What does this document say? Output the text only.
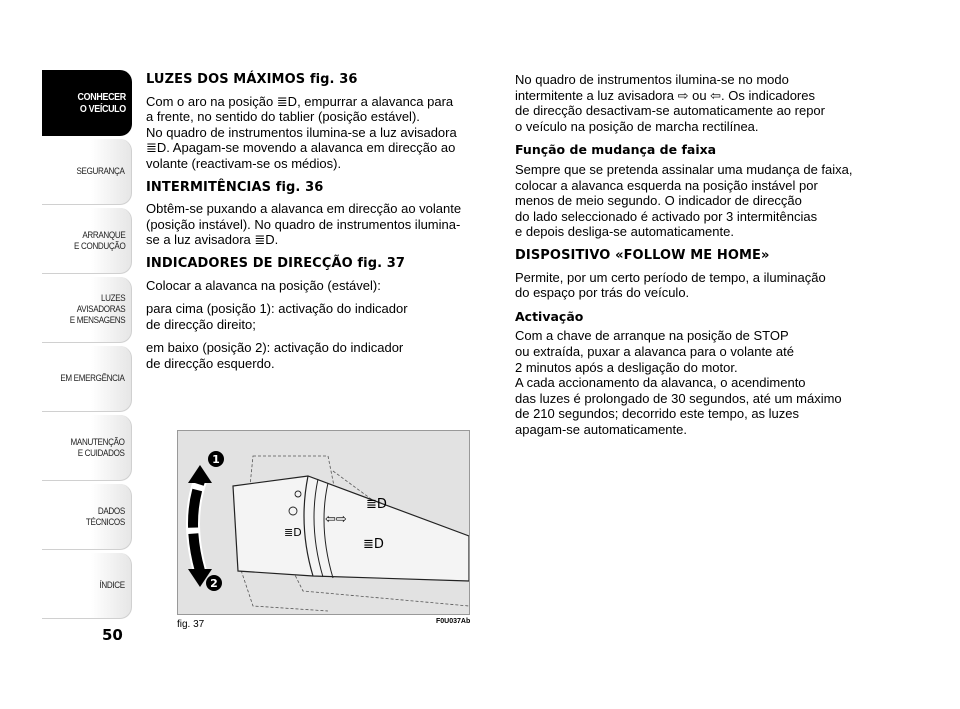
CONHECER
O VEÍCULO
SEGURANÇA
ARRANQUE
E CONDUÇÃO
LUZES
AVISADORAS
E MENSAGENS
EM EMERGÊNCIA
MANUTENÇÃO
E CUIDADOS
DADOS
TÉCNICOS
ÍNDICE
50
LUZES DOS MÁXIMOS fig. 36

Com o aro na posição ≣D, empurrar a alavanca para
a frente, no sentido do tablier (posição estável).
No quadro de instrumentos ilumina-se a luz avisadora
≣D. Apagam-se movendo a alavanca em direcção ao
volante (reactivam-se os médios).

INTERMITÊNCIAS fig. 36

Obtêm-se puxando a alavanca em direcção ao volante
(posição instável). No quadro de instrumentos ilumina-
se a luz avisadora ≣D.

INDICADORES DE DIRECÇÃO fig. 37

Colocar a alavanca na posição (estável):

para cima (posição 1): activação do indicador
de direcção direito;

em baixo (posição 2): activação do indicador
de direcção esquerdo.

No quadro de instrumentos ilumina-se no modo
intermitente a luz avisadora ⇨ ou ⇦. Os indicadores
de direcção desactivam-se automaticamente ao repor
o veículo na posição de marcha rectilínea.

Função de mudança de faixa

Sempre que se pretenda assinalar uma mudança de faixa,
colocar a alavanca esquerda na posição instável por
menos de meio segundo. O indicador de direcção
do lado seleccionado é activado por 3 intermitências
e depois desliga-se automaticamente.

DISPOSITIVO «FOLLOW ME HOME»

Permite, por um certo período de tempo, a iluminação
do espaço por trás do veículo.

Activação

Com a chave de arranque na posição de STOP
ou extraída, puxar a alavanca para o volante até
2 minutos após a desligação do motor.
A cada accionamento da alavanca, o acendimento
das luzes é prolongado de 30 segundos, até um máximo
de 210 segundos; decorrido este tempo, as luzes
apagam-se automaticamente.

≣D
≣D
≣D
⇦⇨
1
2
fig. 37	F0U037Ab
